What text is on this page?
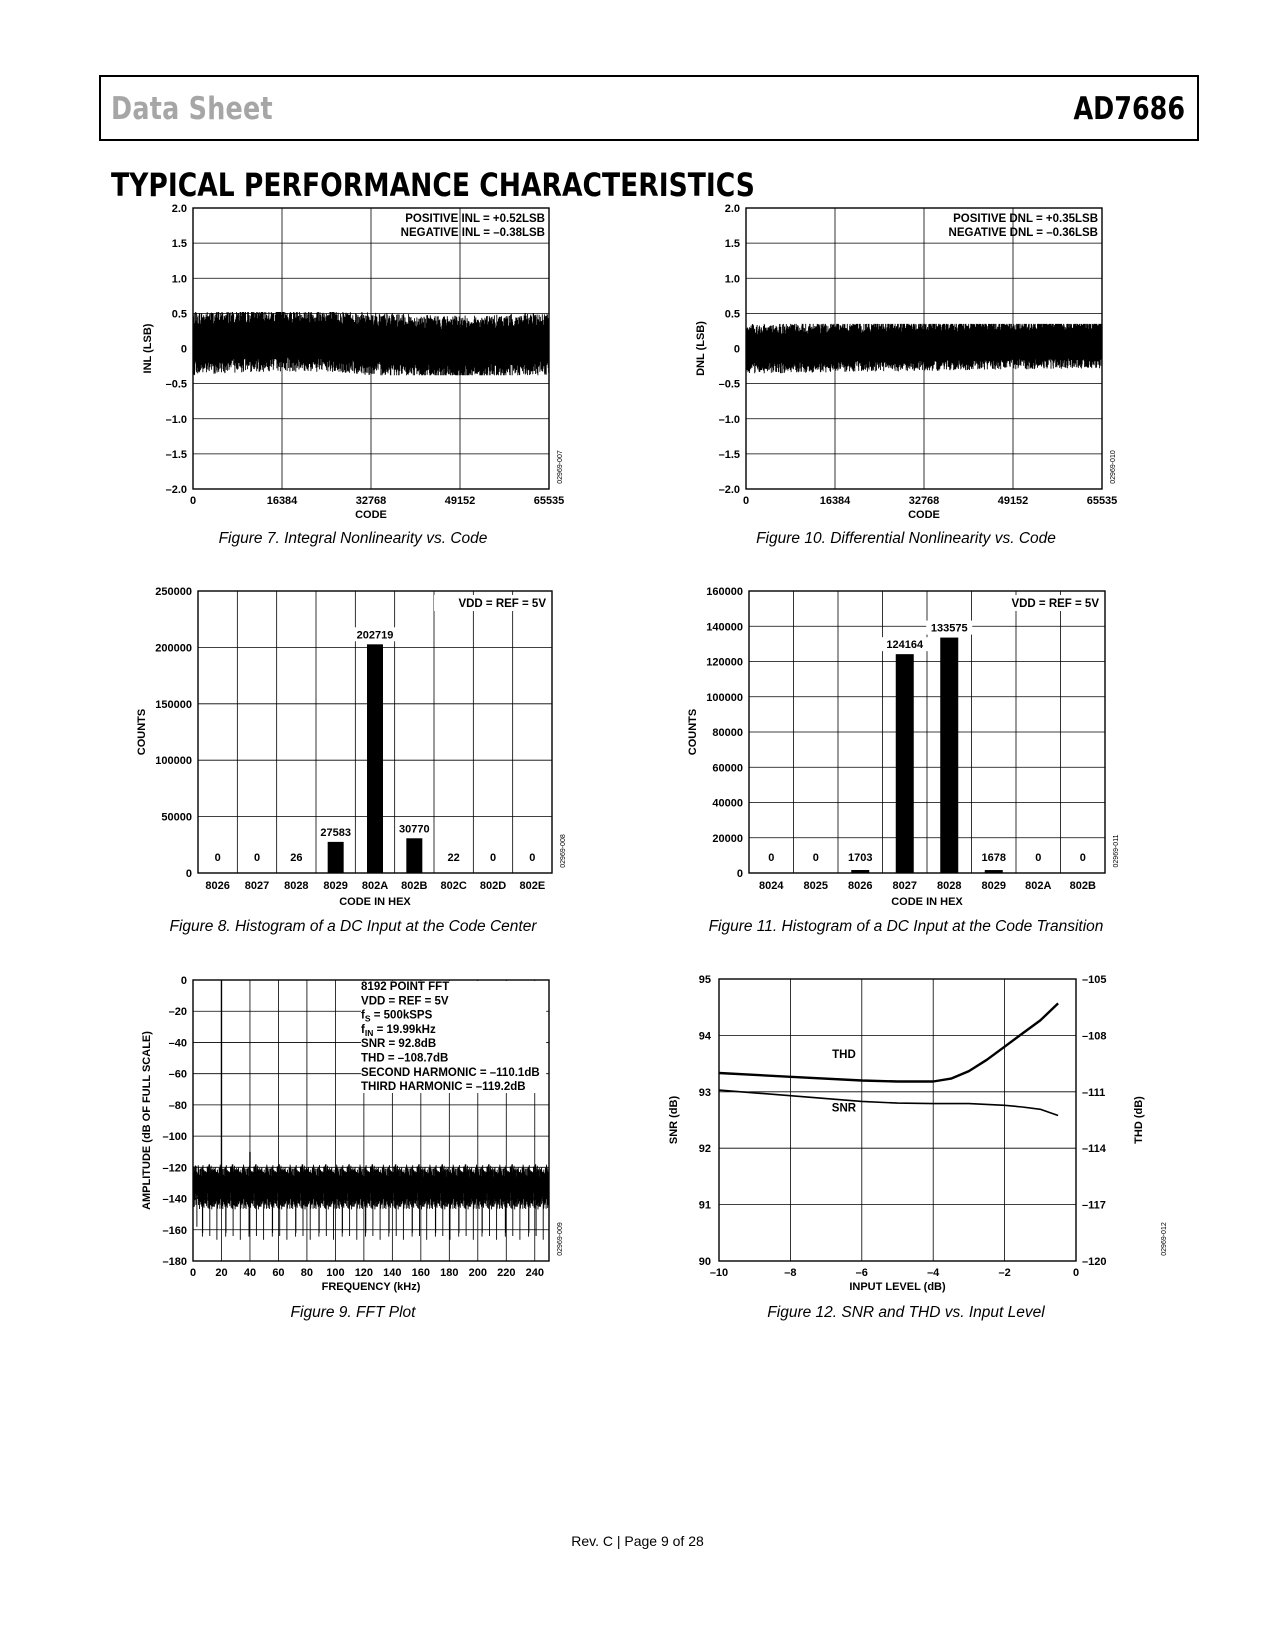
Data Sheet	AD7686
TYPICAL PERFORMANCE CHARACTERISTICS
2.0
1.5
1.0
0.5
0
–0.5
–1.0
–1.5
–2.0
0	16384	32768	49152	65535
POSITIVE INL = +0.52LSB
NEGATIVE INL = –0.38LSB
CODE
INL (LSB)
02969-007
Figure 7. Integral Nonlinearity vs. Code
2.0
1.5
1.0
0.5
0
–0.5
–1.0
–1.5
–2.0
0	16384	32768	49152	65535
POSITIVE DNL = +0.35LSB
NEGATIVE DNL = –0.36LSB
CODE
DNL (LSB)
02969-010
Figure 10. Differential Nonlinearity vs. Code
250000
200000
150000
100000
50000
0
0
8026
0
8027
26
8028
27583
8029
202719
802A
30770
802B
22
802C
0
802D
0
802E
VDD = REF = 5V
CODE IN HEX
COUNTS
02969-008
Figure 8. Histogram of a DC Input at the Code Center
160000
140000
120000
100000
80000
60000
40000
20000
0
0
8024
0
8025
1703
8026
124164
8027
133575
8028
1678
8029
0
802A
0
802B
VDD = REF = 5V
CODE IN HEX
COUNTS
02969-011
Figure 11. Histogram of a DC Input at the Code Transition
0
–20
–40
–60
–80
–100
–120
–140
–160
–180
0 20 40 60 80 100 120 140 160 180 200 220 240
8192 POINT FFT
VDD = REF = 5V
$f_S$ = 500kSPS
$f_{IN} = 19.99kHz$
SNR = 92.8dB
THD = –108.7dB
SECOND HARMONIC = –110.1dB
THIRD HARMONIC = –119.2dB
FREQUENCY (kHz)
AMPLITUDE (dB OF FULL SCALE)
02969-009
Figure 9. FFT Plot
95	–105
94	–108
93	–111
92	–114
91	–117
90	–120
–10	–8	–6	–4	–2	0
THD
SNR
INPUT LEVEL (dB)
SNR (dB)	THD (dB)
02969-012
Figure 12. SNR and THD vs. Input Level
Rev. C | Page 9 of 28
